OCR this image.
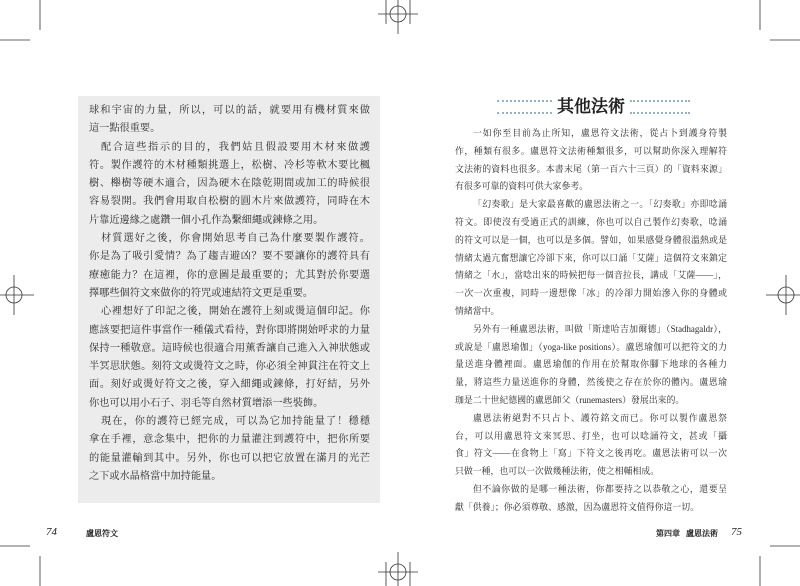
球和宇宙的力量，所以，可以的話，就要用有機材質來做
這一點很重要。
配合這些指示的目的，我們姑且假設要用木材來做護
符。製作護符的木材種類挑選上，松樹、冷杉等軟木要比楓
樹、櫸樹等硬木適合，因為硬木在陰乾期間或加工的時候很
容易裂開。我們會用取自松樹的圓木片來做護符，同時在木
片靠近邊緣之處鑽一個小孔作為繫細繩或鍊條之用。
材質選好之後，你會開始思考自己為什麼要製作護符。
你是為了吸引愛情？為了趨吉避凶？要不要讓你的護符具有
療癒能力？在這裡，你的意圖是最重要的；尤其對於你要選
擇哪些個符文來做你的符咒或連結符文更是重要。
心裡想好了印記之後，開始在護符上刻或燙這個印記。你
應該要把這件事當作一種儀式看待，對你即將開始呼求的力量
保持一種敬意。這時候也很適合用薰香讓自己進入入神狀態或
半冥思狀態。刻符文或燙符文之時，你必須全神貫注在符文上
面。刻好或燙好符文之後，穿入細繩或鍊條，打好結，另外
你也可以用小石子、羽毛等自然材質增添一些裝飾。
現在，你的護符已經完成，可以為它加持能量了！穩穩
拿在手裡，意念集中，把你的力量灌注到護符中，把你所要
的能量灌輸到其中。另外，你也可以把它放置在滿月的光芒
之下或水晶格當中加持能量。
74	盧恩符文
其他法術
一如你至目前為止所知，盧恩符文法術，從占卜到護身符製
作，種類有很多。盧恩符文法術種類很多，可以幫助你深入理解符
文法術的資料也很多。本書末尾（第一百六十三頁）的「資料來源」
有很多可靠的資料可供大家參考。
「幻奏歌」是大家最喜歡的盧恩法術之一。「幻奏歌」亦即唸誦
符文。即使沒有受過正式的訓練，你也可以自己製作幻奏歌，唸誦
的符文可以是一個，也可以是多個。譬如，如果感覺身體很溫熱或是
情緒太過亢奮想讓它冷卻下來，你可以口誦「艾薩」這個符文來鎮定
情緒之「水」，當唸出來的時候把每一個音拉長，講成「艾薩——」，
一次一次重複，同時一邊想像「冰」的冷卻力開始滲入你的身體或
情緒當中。
另外有一種盧恩法術，叫做「斯達哈吉加爾德」（Stadhagaldr），
或說是「盧恩瑜伽」（yoga-like positions）。盧恩瑜伽可以把符文的力
量送進身體裡面。盧恩瑜伽的作用在於幫取你腳下地球的各種力
量，將這些力量送進你的身體，然後使之存在於你的體內。盧恩瑜
珈是二十世紀德國的盧恩師父（runemasters）發展出來的。
盧恩法術絕對不只占卜、護符銘文而已。你可以製作盧恩祭
台，可以用盧恩符文來冥思、打坐，也可以唸誦符文，甚或「攝
食」符文——在食物上「寫」下符文之後再吃。盧恩法術可以一次
只做一種，也可以一次做幾種法術，使之相輔相成。
但不論你做的是哪一種法術，你都要持之以恭敬之心，還要呈
獻「供養」；你必須尊敬、感激，因為盧恩符文值得你這一切。
第四章 盧恩法術 75
